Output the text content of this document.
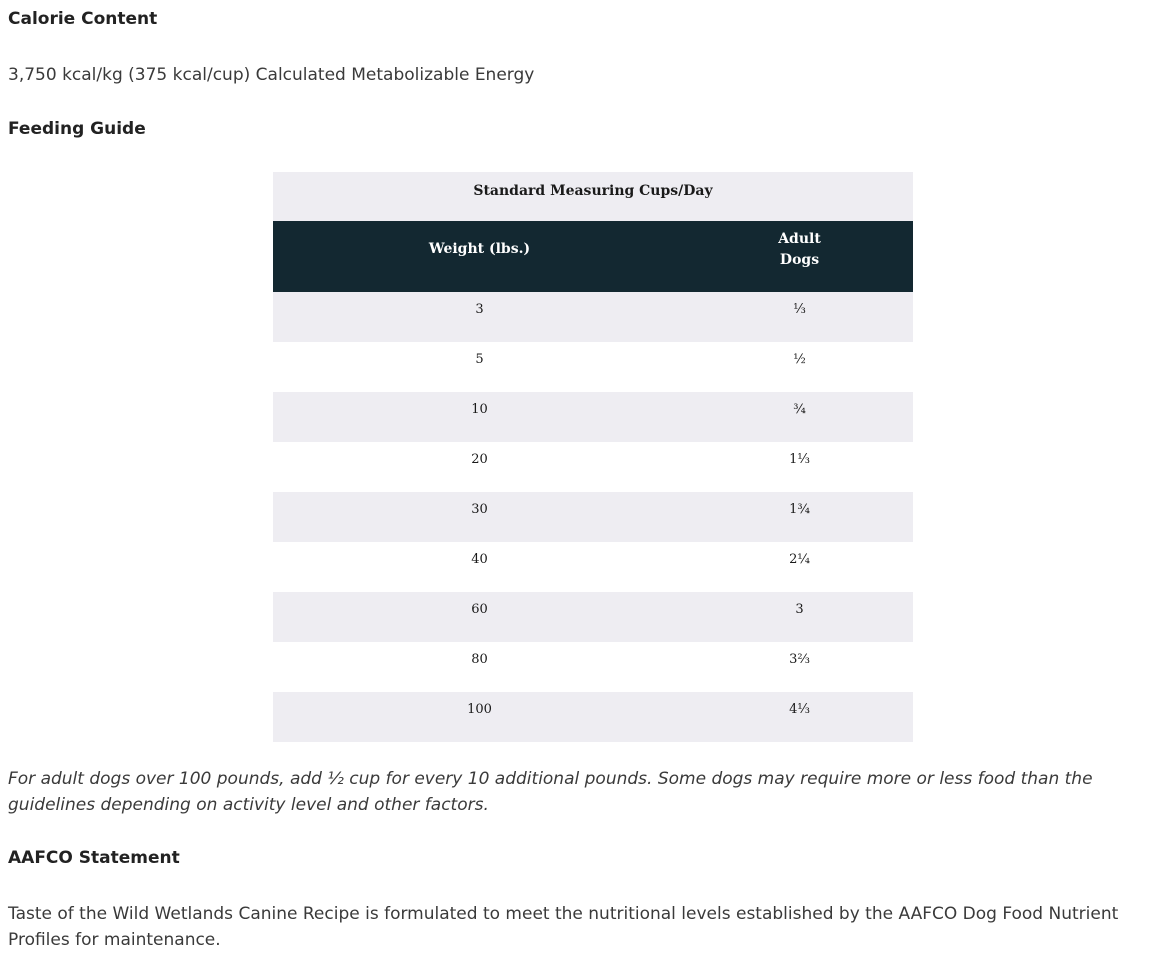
Calorie Content

3,750 kcal/kg (375 kcal/cup) Calculated Metabolizable Energy

Feeding Guide
Standard Measuring Cups/Day	
Weight (lbs.)	Adult
Dogs
3	⅓
5	½
10	¾
20	1⅓
30	1¾
40	2¼
60	3
80	3⅔
100	4⅓

For adult dogs over 100 pounds, add ½ cup for every 10 additional pounds. Some dogs may require more or less food than the guidelines depending on activity level and other factors.

AAFCO Statement

Taste of the Wild Wetlands Canine Recipe is formulated to meet the nutritional levels established by the AAFCO Dog Food Nutrient Profiles for maintenance.
